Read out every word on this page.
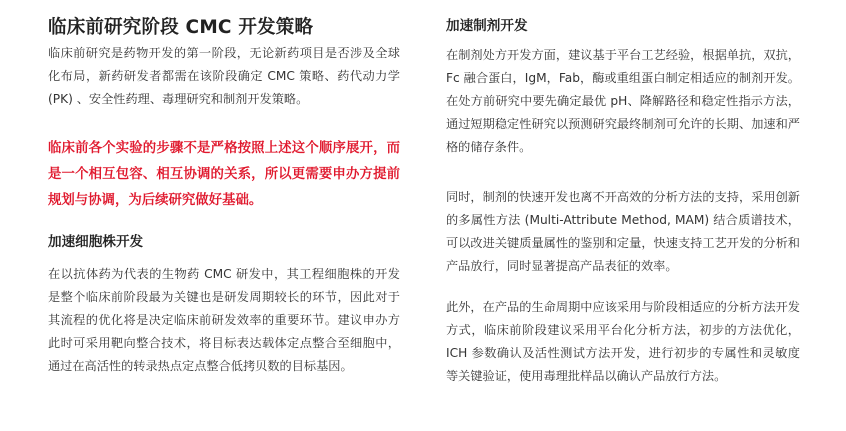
临床前研究阶段 CMC 开发策略

临床前研究是药物开发的第一阶段，无论新药项目是否涉及全球化布局，新药研发者都需在该阶段确定 CMC 策略、药代动力学 (PK) 、安全性药理、毒理研究和制剂开发策略。

临床前各个实验的步骤不是严格按照上述这个顺序展开，而是一个相互包容、相互协调的关系，所以更需要申办方提前规划与协调，为后续研究做好基础。

加速细胞株开发

在以抗体药为代表的生物药 CMC 研发中，其工程细胞株的开发是整个临床前阶段最为关键也是研发周期较长的环节，因此对于其流程的优化将是决定临床前研发效率的重要环节。建议申办方此时可采用靶向整合技术，将目标表达载体定点整合至细胞中，通过在高活性的转录热点定点整合低拷贝数的目标基因。

加速制剂开发

在制剂处方开发方面，建议基于平台工艺经验，根据单抗，双抗，Fc 融合蛋白，IgM，Fab，酶或重组蛋白制定相适应的制剂开发。在处方前研究中要先确定最优 pH、降解路径和稳定性指示方法，通过短期稳定性研究以预测研究最终制剂可允许的长期、加速和严格的储存条件。

同时，制剂的快速开发也离不开高效的分析方法的支持，采用创新的多属性方法 (Multi-Attribute Method, MAM) 结合质谱技术，可以改进关键质量属性的鉴别和定量，快速支持工艺开发的分析和产品放行，同时显著提高产品表征的效率。

此外，在产品的生命周期中应该采用与阶段相适应的分析方法开发方式，临床前阶段建议采用平台化分析方法，初步的方法优化，ICH 参数确认及活性测试方法开发，进行初步的专属性和灵敏度等关键验证，使用毒理批样品以确认产品放行方法。
